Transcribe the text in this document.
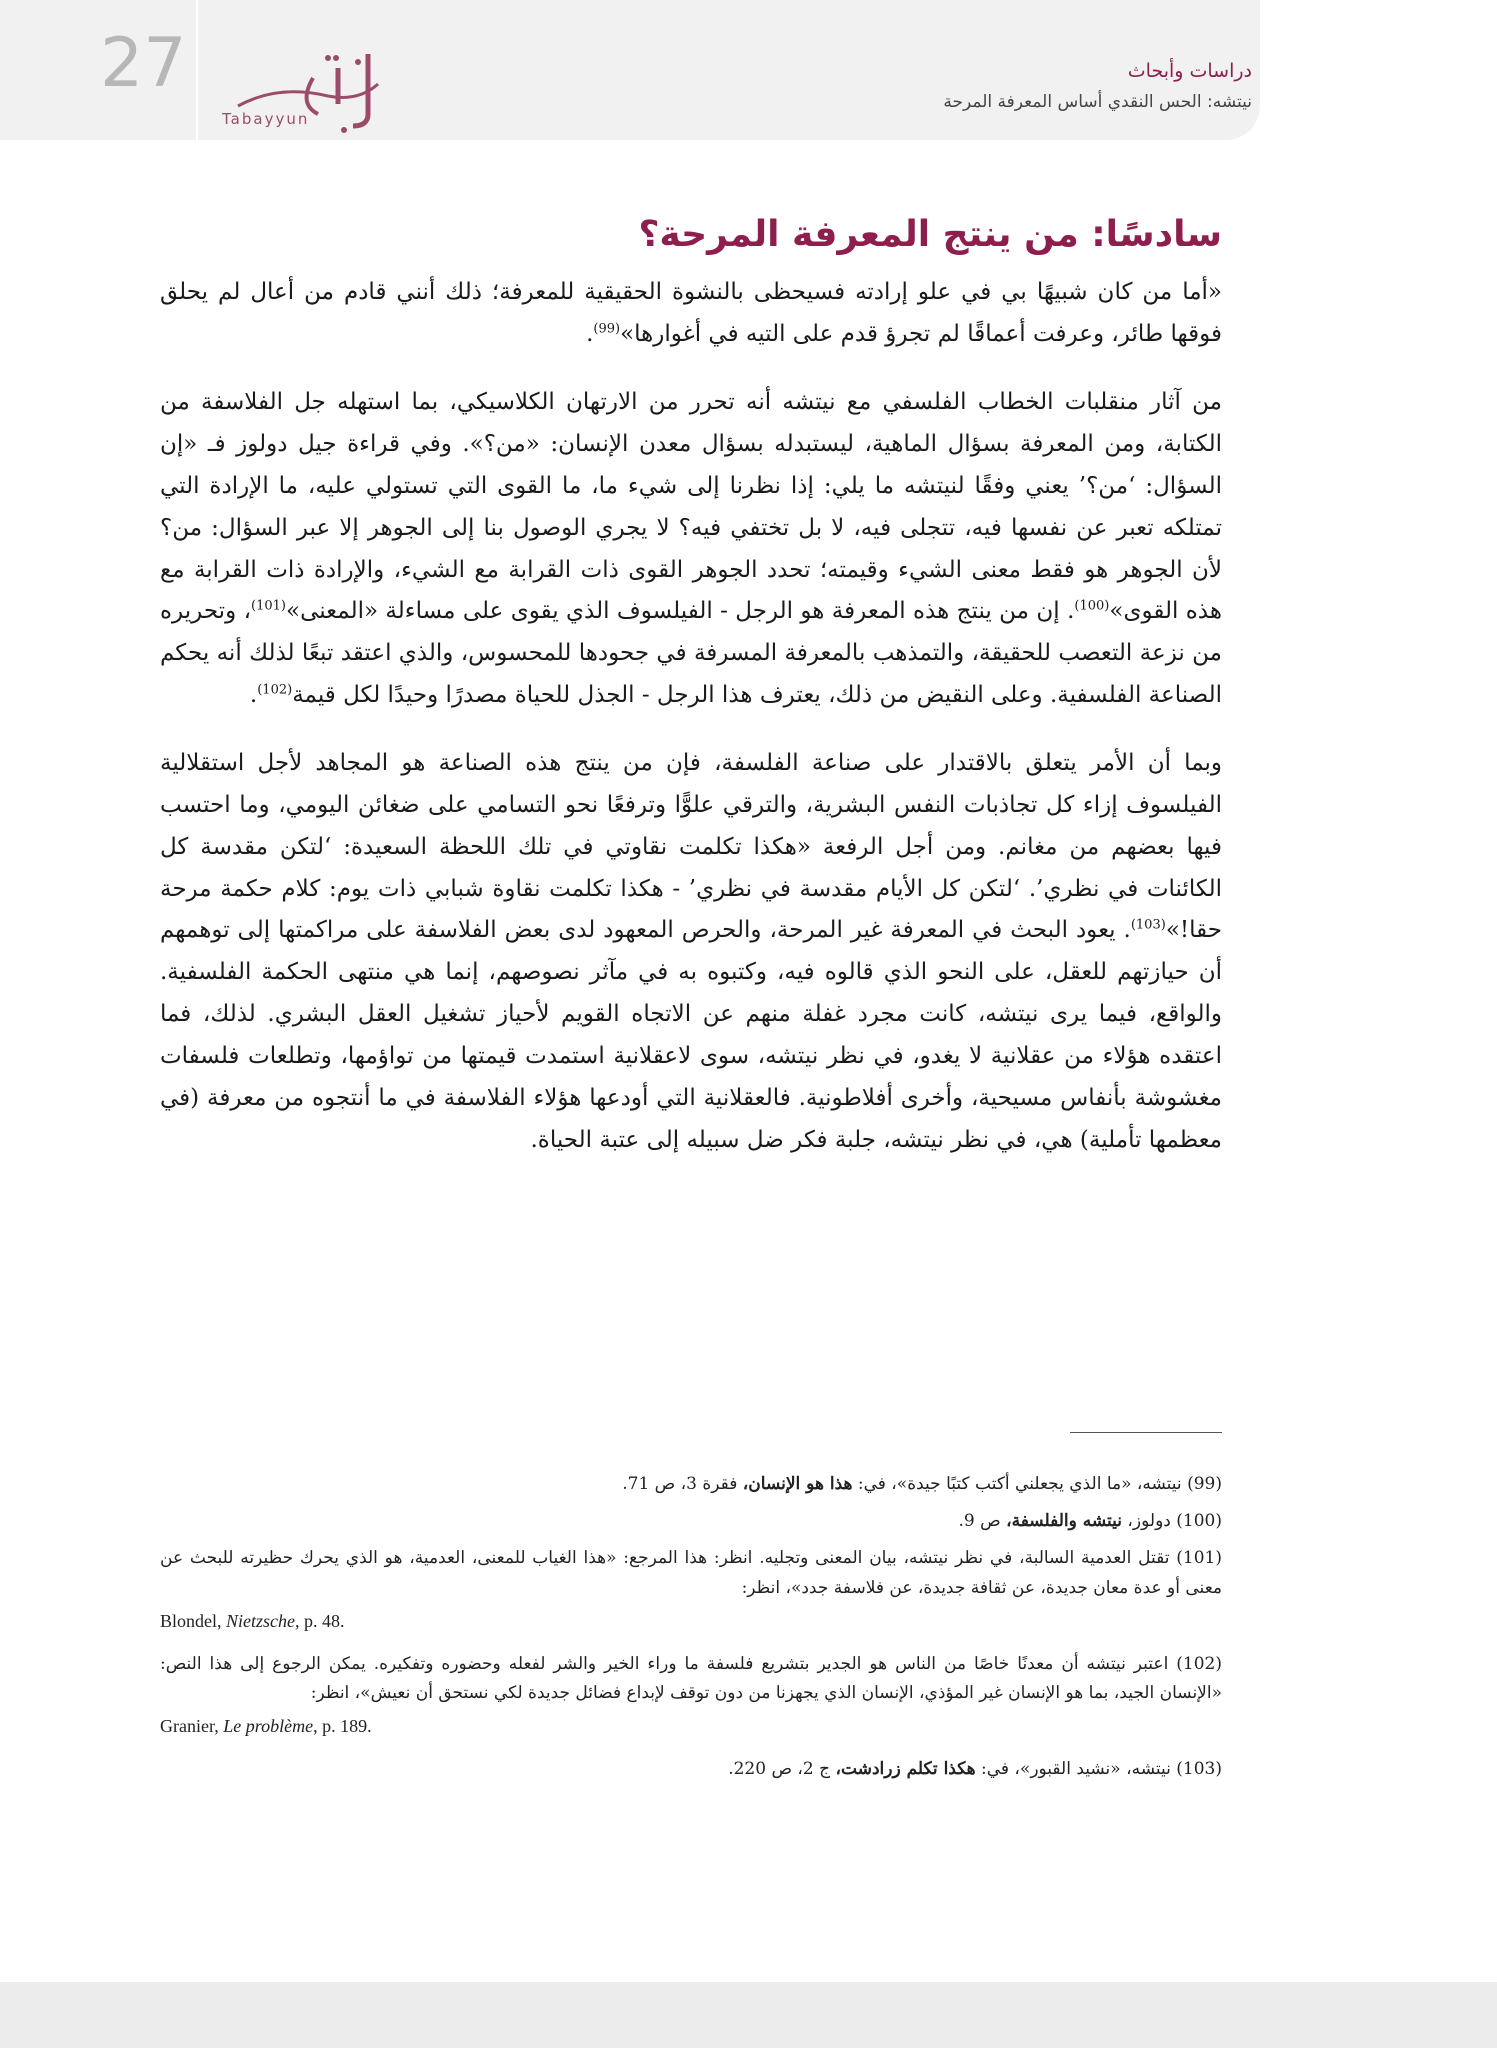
27
Tabayyun
دراسات وأبحاث
نيتشه: الحس النقدي أساس المعرفة المرحة
سادسًا: من ينتج المعرفة المرحة؟

«أما من كان شبيهًا بي في علو إرادته فسيحظى بالنشوة الحقيقية للمعرفة؛ ذلك أنني قادم من أعال لم يحلق فوقها طائر، وعرفت أعماقًا لم تجرؤ قدم على التيه في أغوارها»$^{(99)}$.

من آثار منقلبات الخطاب الفلسفي مع نيتشه أنه تحرر من الارتهان الكلاسيكي، بما استهله جل الفلاسفة من الكتابة، ومن المعرفة بسؤال الماهية، ليستبدله بسؤال معدن الإنسان: «من؟». وفي قراءة جيل دولوز فـ «إن السؤال: ‘من؟’ يعني وفقًا لنيتشه ما يلي: إذا نظرنا إلى شيء ما، ما القوى التي تستولي عليه، ما الإرادة التي تمتلكه تعبر عن نفسها فيه، تتجلى فيه، لا بل تختفي فيه؟ لا يجري الوصول بنا إلى الجوهر إلا عبر السؤال: من؟ لأن الجوهر هو فقط معنى الشيء وقيمته؛ تحدد الجوهر القوى ذات القرابة مع الشيء، والإرادة ذات القرابة مع هذه القوى»$^{(100)}$. إن من ينتج هذه المعرفة هو الرجل - الفيلسوف الذي يقوى على مساءلة «المعنى»$^{(101)}$، وتحريره من نزعة التعصب للحقيقة، والتمذهب بالمعرفة المسرفة في جحودها للمحسوس، والذي اعتقد تبعًا لذلك أنه يحكم الصناعة الفلسفية. وعلى النقيض من ذلك، يعترف هذا الرجل - الجذل للحياة مصدرًا وحيدًا لكل قيمة$^{(102)}$.

وبما أن الأمر يتعلق بالاقتدار على صناعة الفلسفة، فإن من ينتج هذه الصناعة هو المجاهد لأجل استقلالية الفيلسوف إزاء كل تجاذبات النفس البشرية، والترقي علوًّا وترفعًا نحو التسامي على ضغائن اليومي، وما احتسب فيها بعضهم من مغانم. ومن أجل الرفعة «هكذا تكلمت نقاوتي في تلك اللحظة السعيدة: ‘لتكن مقدسة كل الكائنات في نظري’. ‘لتكن كل الأيام مقدسة في نظري’ - هكذا تكلمت نقاوة شبابي ذات يوم: كلام حكمة مرحة حقا!»$^{(103)}$. يعود البحث في المعرفة غير المرحة، والحرص المعهود لدى بعض الفلاسفة على مراكمتها إلى توهمهم أن حيازتهم للعقل، على النحو الذي قالوه فيه، وكتبوه به في مآثر نصوصهم، إنما هي منتهى الحكمة الفلسفية. والواقع، فيما يرى نيتشه، كانت مجرد غفلة منهم عن الاتجاه القويم لأحياز تشغيل العقل البشري. لذلك، فما اعتقده هؤلاء من عقلانية لا يغدو، في نظر نيتشه، سوى لاعقلانية استمدت قيمتها من تواؤمها، وتطلعات فلسفات مغشوشة بأنفاس مسيحية، وأخرى أفلاطونية. فالعقلانية التي أودعها هؤلاء الفلاسفة في ما أنتجوه من معرفة (في معظمها تأملية) هي، في نظر نيتشه، جلبة فكر ضل سبيله إلى عتبة الحياة.

(99) نيتشه، «ما الذي يجعلني أكتب كتبًا جيدة»، في: هذا هو الإنسان، فقرة 3، ص 71.

(100) دولوز، نيتشه والفلسفة، ص 9.

(101) تقتل العدمية السالبة، في نظر نيتشه، بيان المعنى وتجليه. انظر: هذا المرجع: «هذا الغياب للمعنى، العدمية، هو الذي يحرك حظيرته للبحث عن معنى أو عدة معان جديدة، عن ثقافة جديدة، عن فلاسفة جدد»، انظر:

Blondel, Nietzsche, p. 48.

(102) اعتبر نيتشه أن معدنًا خاصًا من الناس هو الجدير بتشريع فلسفة ما وراء الخير والشر لفعله وحضوره وتفكيره. يمكن الرجوع إلى هذا النص: «الإنسان الجيد، بما هو الإنسان غير المؤذي، الإنسان الذي يجهزنا من دون توقف لإبداع فضائل جديدة لكي نستحق أن نعيش»، انظر:

Granier, Le problème, p. 189.

(103) نيتشه، «نشيد القبور»، في: هكذا تكلم زرادشت، ج 2، ص 220.
